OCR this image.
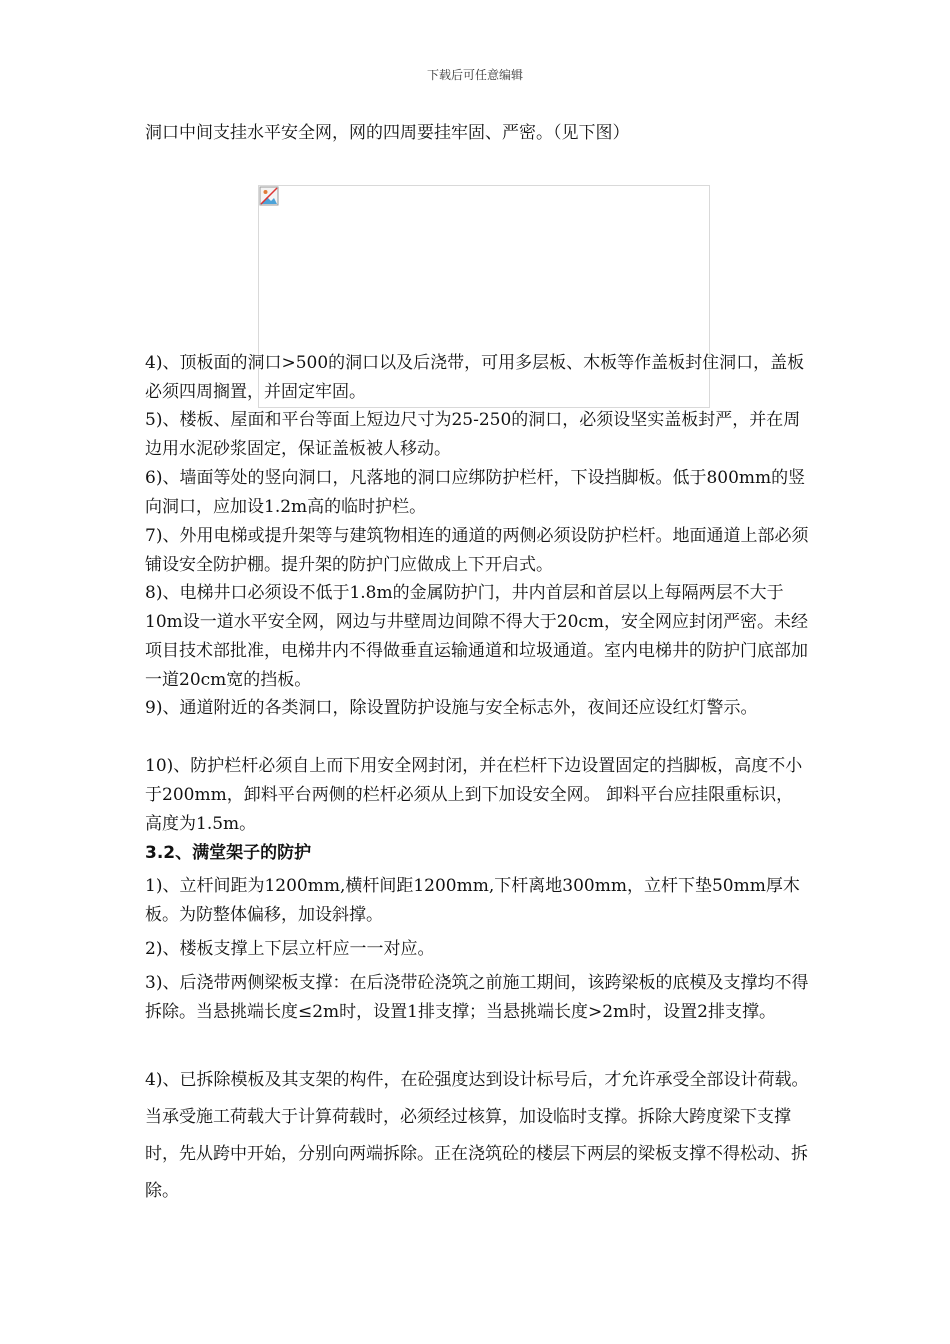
下载后可任意编辑

洞口中间支挂水平安全网，网的四周要挂牢固、严密。（见下图）

4)、顶板面的洞口>500的洞口以及后浇带，可用多层板、木板等作盖板封住洞口，盖板必须四周搁置，并固定牢固。

5)、楼板、屋面和平台等面上短边尺寸为25-250的洞口，必须设坚实盖板封严，并在周边用水泥砂浆固定，保证盖板被人移动。

6)、墙面等处的竖向洞口，凡落地的洞口应绑防护栏杆，下设挡脚板。低于800mm的竖向洞口，应加设1.2m高的临时护栏。

7)、外用电梯或提升架等与建筑物相连的通道的两侧必须设防护栏杆。地面通道上部必须铺设安全防护棚。提升架的防护门应做成上下开启式。

8)、电梯井口必须设不低于1.8m的金属防护门，井内首层和首层以上每隔两层不大于10m设一道水平安全网，网边与井壁周边间隙不得大于20cm，安全网应封闭严密。未经项目技术部批准，电梯井内不得做垂直运输通道和垃圾通道。室内电梯井的防护门底部加一道20cm宽的挡板。

9)、通道附近的各类洞口，除设置防护设施与安全标志外，夜间还应设红灯警示。

10)、防护栏杆必须自上而下用安全网封闭，并在栏杆下边设置固定的挡脚板，高度不小于200mm，卸料平台两侧的栏杆必须从上到下加设安全网。 卸料平台应挂限重标识，高度为1.5m。

3.2、满堂架子的防护

1)、立杆间距为1200mm,横杆间距1200mm,下杆离地300mm，立杆下垫50mm厚木板。为防整体偏移，加设斜撑。

2)、楼板支撑上下层立杆应一一对应。

3)、后浇带两侧梁板支撑：在后浇带砼浇筑之前施工期间，该跨梁板的底模及支撑均不得拆除。当悬挑端长度≤2m时，设置1排支撑；当悬挑端长度>2m时，设置2排支撑。

4)、已拆除模板及其支架的构件，在砼强度达到设计标号后，才允许承受全部设计荷载。当承受施工荷载大于计算荷载时，必须经过核算，加设临时支撑。拆除大跨度梁下支撑时，先从跨中开始，分别向两端拆除。正在浇筑砼的楼层下两层的梁板支撑不得松动、拆除。
